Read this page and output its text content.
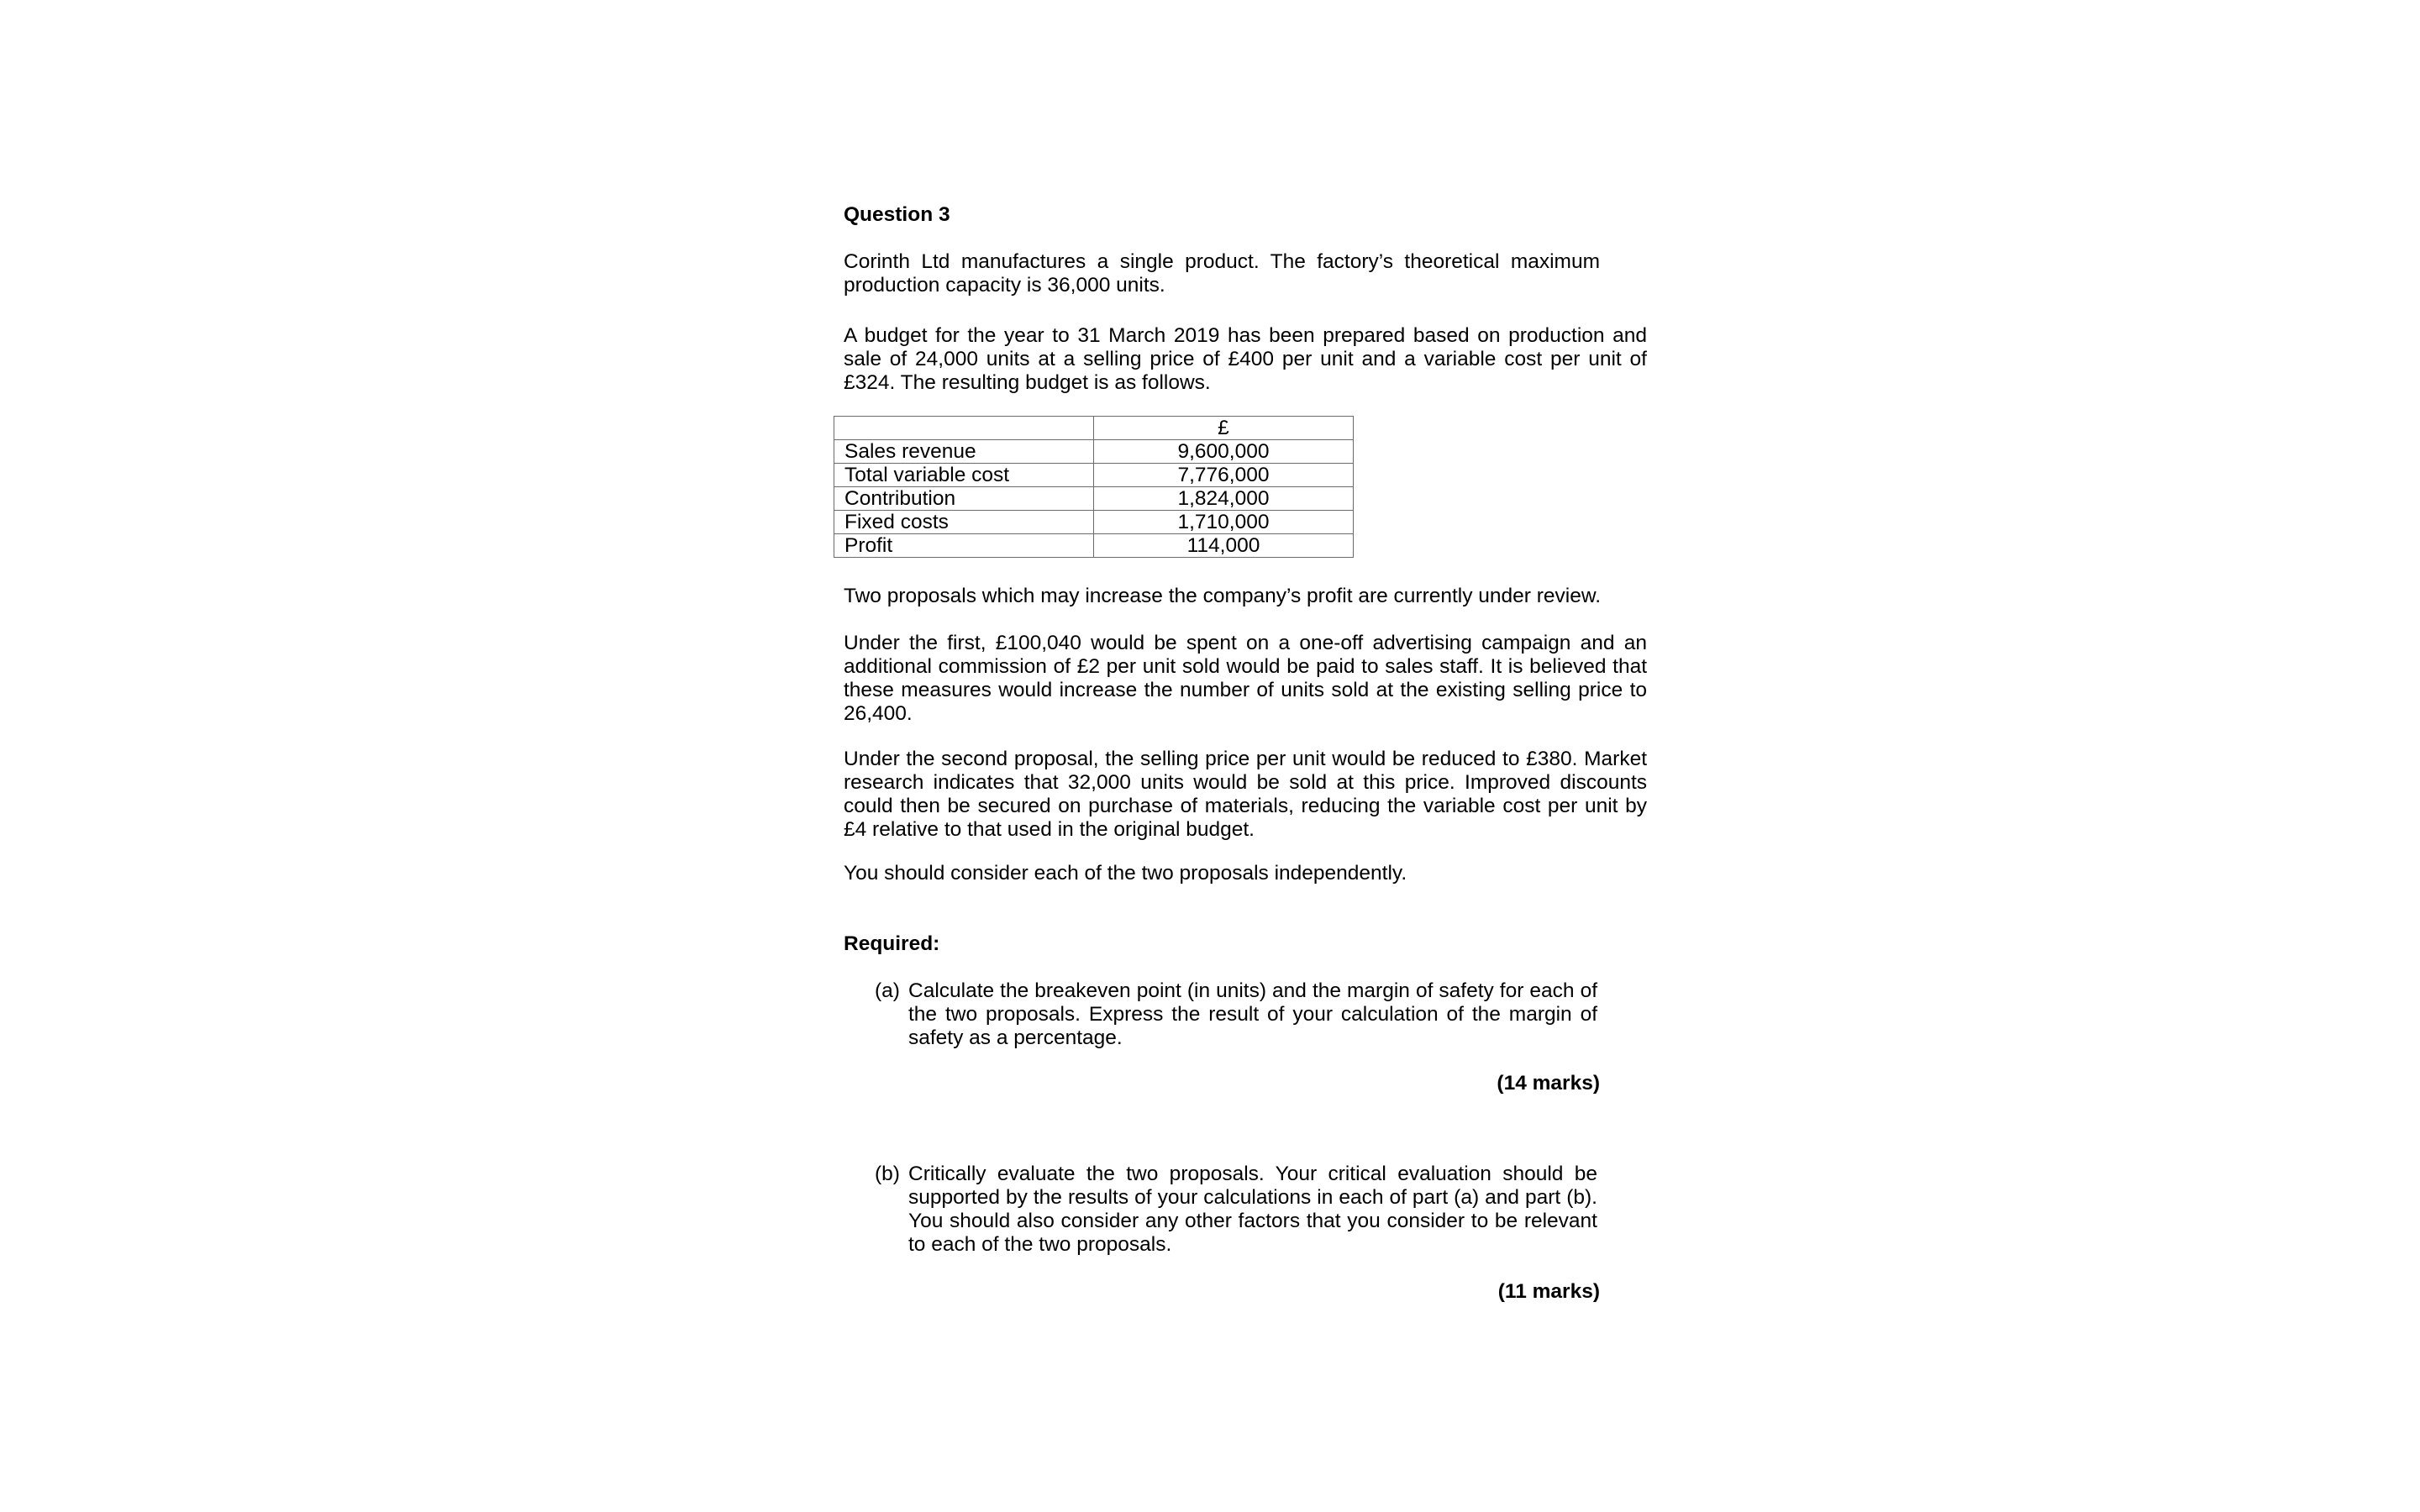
Question 3
Corinth Ltd manufactures a single product. The factory’s theoretical maximum production capacity is 36,000 units.
A budget for the year to 31 March 2019 has been prepared based on production and sale of 24,000 units at a selling price of £400 per unit and a variable cost per unit of £324. The resulting budget is as follows.
	£
Sales revenue	9,600,000
Total variable cost	7,776,000
Contribution	1,824,000
Fixed costs	1,710,000
Profit	114,000
Two proposals which may increase the company’s profit are currently under review.
Under the first, £100,040 would be spent on a one-off advertising campaign and an additional commission of £2 per unit sold would be paid to sales staff. It is believed that these measures would increase the number of units sold at the existing selling price to 26,400.
Under the second proposal, the selling price per unit would be reduced to £380. Market research indicates that 32,000 units would be sold at this price. Improved discounts could then be secured on purchase of materials, reducing the variable cost per unit by £4 relative to that used in the original budget.
You should consider each of the two proposals independently.
Required:
(a) Calculate the breakeven point (in units) and the margin of safety for each of the two proposals. Express the result of your calculation of the margin of safety as a percentage.
(14 marks)
(b) Critically evaluate the two proposals. Your critical evaluation should be supported by the results of your calculations in each of part (a) and part (b). You should also consider any other factors that you consider to be relevant to each of the two proposals.
(11 marks)
